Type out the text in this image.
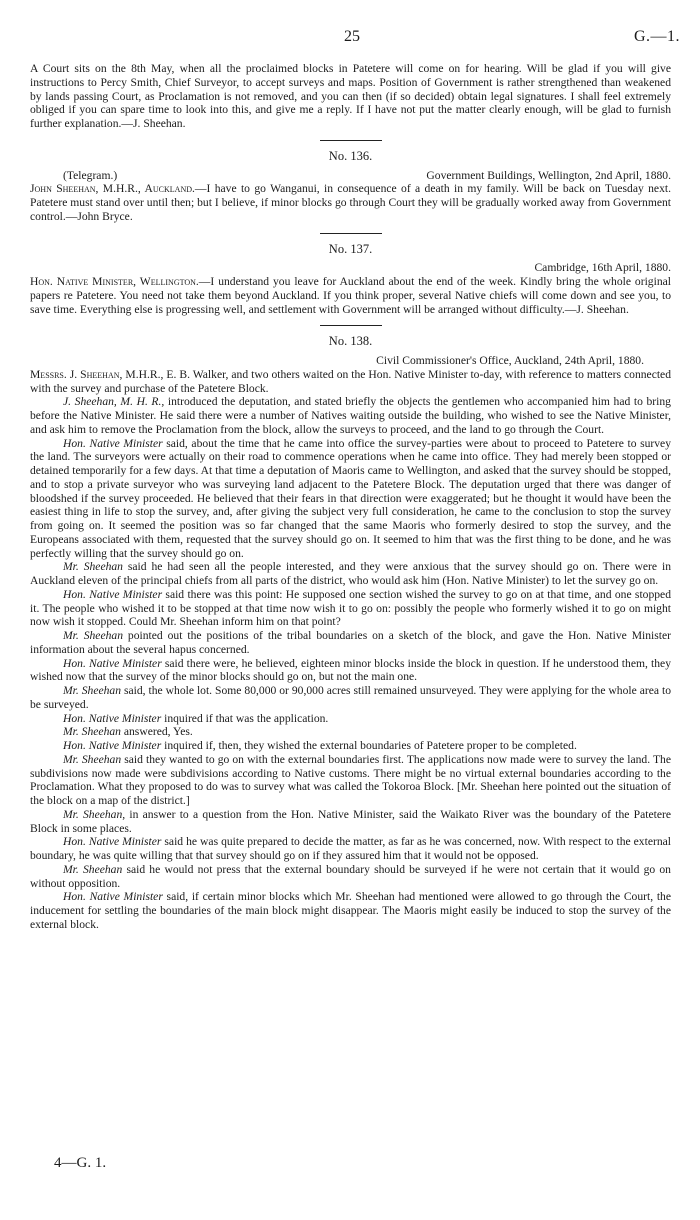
25	G.—1.

A Court sits on the 8th May, when all the proclaimed blocks in Patetere will come on for hearing. Will be glad if you will give instructions to Percy Smith, Chief Surveyor, to accept surveys and maps. Position of Government is rather strengthened than weakened by lands passing Court, as Proclamation is not removed, and you can then (if so decided) obtain legal signatures. I shall feel extremely obliged if you can spare time to look into this, and give me a reply. If I have not put the matter clearly enough, will be glad to furnish further explanation.—J. Sheehan.

No. 136.
(Telegram.)	Government Buildings, Wellington, 2nd April, 1880.

John Sheehan, M.H.R., Auckland.—I have to go Wanganui, in consequence of a death in my family. Will be back on Tuesday next. Patetere must stand over until then; but I believe, if minor blocks go through Court they will be gradually worked away from Government control.—John Bryce.

No. 137.
Cambridge, 16th April, 1880.

Hon. Native Minister, Wellington.—I understand you leave for Auckland about the end of the week. Kindly bring the whole original papers re Patetere. You need not take them beyond Auckland. If you think proper, several Native chiefs will come down and see you, to save time. Everything else is progressing well, and settlement with Government will be arranged without difficulty.—J. Sheehan.

No. 138.
Civil Commissioner's Office, Auckland, 24th April, 1880.

Messrs. J. Sheehan, M.H.R., E. B. Walker, and two others waited on the Hon. Native Minister to-day, with reference to matters connected with the survey and purchase of the Patetere Block.

J. Sheehan, M. H. R., introduced the deputation, and stated briefly the objects the gentlemen who accompanied him had to bring before the Native Minister. He said there were a number of Natives waiting outside the building, who wished to see the Native Minister, and ask him to remove the Proclamation from the block, allow the surveys to proceed, and the land to go through the Court.

Hon. Native Minister said, about the time that he came into office the survey-parties were about to proceed to Patetere to survey the land. The surveyors were actually on their road to commence operations when he came into office. They had merely been stopped or detained temporarily for a few days. At that time a deputation of Maoris came to Wellington, and asked that the survey should be stopped, and to stop a private surveyor who was surveying land adjacent to the Patetere Block. The deputation urged that there was danger of bloodshed if the survey proceeded. He believed that their fears in that direction were exaggerated; but he thought it would have been the easiest thing in life to stop the survey, and, after giving the subject very full consideration, he came to the conclusion to stop the survey from going on. It seemed the position was so far changed that the same Maoris who formerly desired to stop the survey, and the Europeans associated with them, requested that the survey should go on. It seemed to him that was the first thing to be done, and he was perfectly willing that the survey should go on.

Mr. Sheehan said he had seen all the people interested, and they were anxious that the survey should go on. There were in Auckland eleven of the principal chiefs from all parts of the district, who would ask him (Hon. Native Minister) to let the survey go on.

Hon. Native Minister said there was this point: He supposed one section wished the survey to go on at that time, and one stopped it. The people who wished it to be stopped at that time now wish it to go on: possibly the people who formerly wished it to go on might now wish it stopped. Could Mr. Sheehan inform him on that point?

Mr. Sheehan pointed out the positions of the tribal boundaries on a sketch of the block, and gave the Hon. Native Minister information about the several hapus concerned.

Hon. Native Minister said there were, he believed, eighteen minor blocks inside the block in question. If he understood them, they wished now that the survey of the minor blocks should go on, but not the main one.

Mr. Sheehan said, the whole lot. Some 80,000 or 90,000 acres still remained unsurveyed. They were applying for the whole area to be surveyed.

Hon. Native Minister inquired if that was the application.

Mr. Sheehan answered, Yes.

Hon. Native Minister inquired if, then, they wished the external boundaries of Patetere proper to be completed.

Mr. Sheehan said they wanted to go on with the external boundaries first. The applications now made were to survey the land. The subdivisions now made were subdivisions according to Native customs. There might be no virtual external boundaries according to the Proclamation. What they proposed to do was to survey what was called the Tokoroa Block. [Mr. Sheehan here pointed out the situation of the block on a map of the district.]

Mr. Sheehan, in answer to a question from the Hon. Native Minister, said the Waikato River was the boundary of the Patetere Block in some places.

Hon. Native Minister said he was quite prepared to decide the matter, as far as he was concerned, now. With respect to the external boundary, he was quite willing that that survey should go on if they assured him that it would not be opposed.

Mr. Sheehan said he would not press that the external boundary should be surveyed if he were not certain that it would go on without opposition.

Hon. Native Minister said, if certain minor blocks which Mr. Sheehan had mentioned were allowed to go through the Court, the inducement for settling the boundaries of the main block might disappear. The Maoris might easily be induced to stop the survey of the external block.

4—G. 1.
